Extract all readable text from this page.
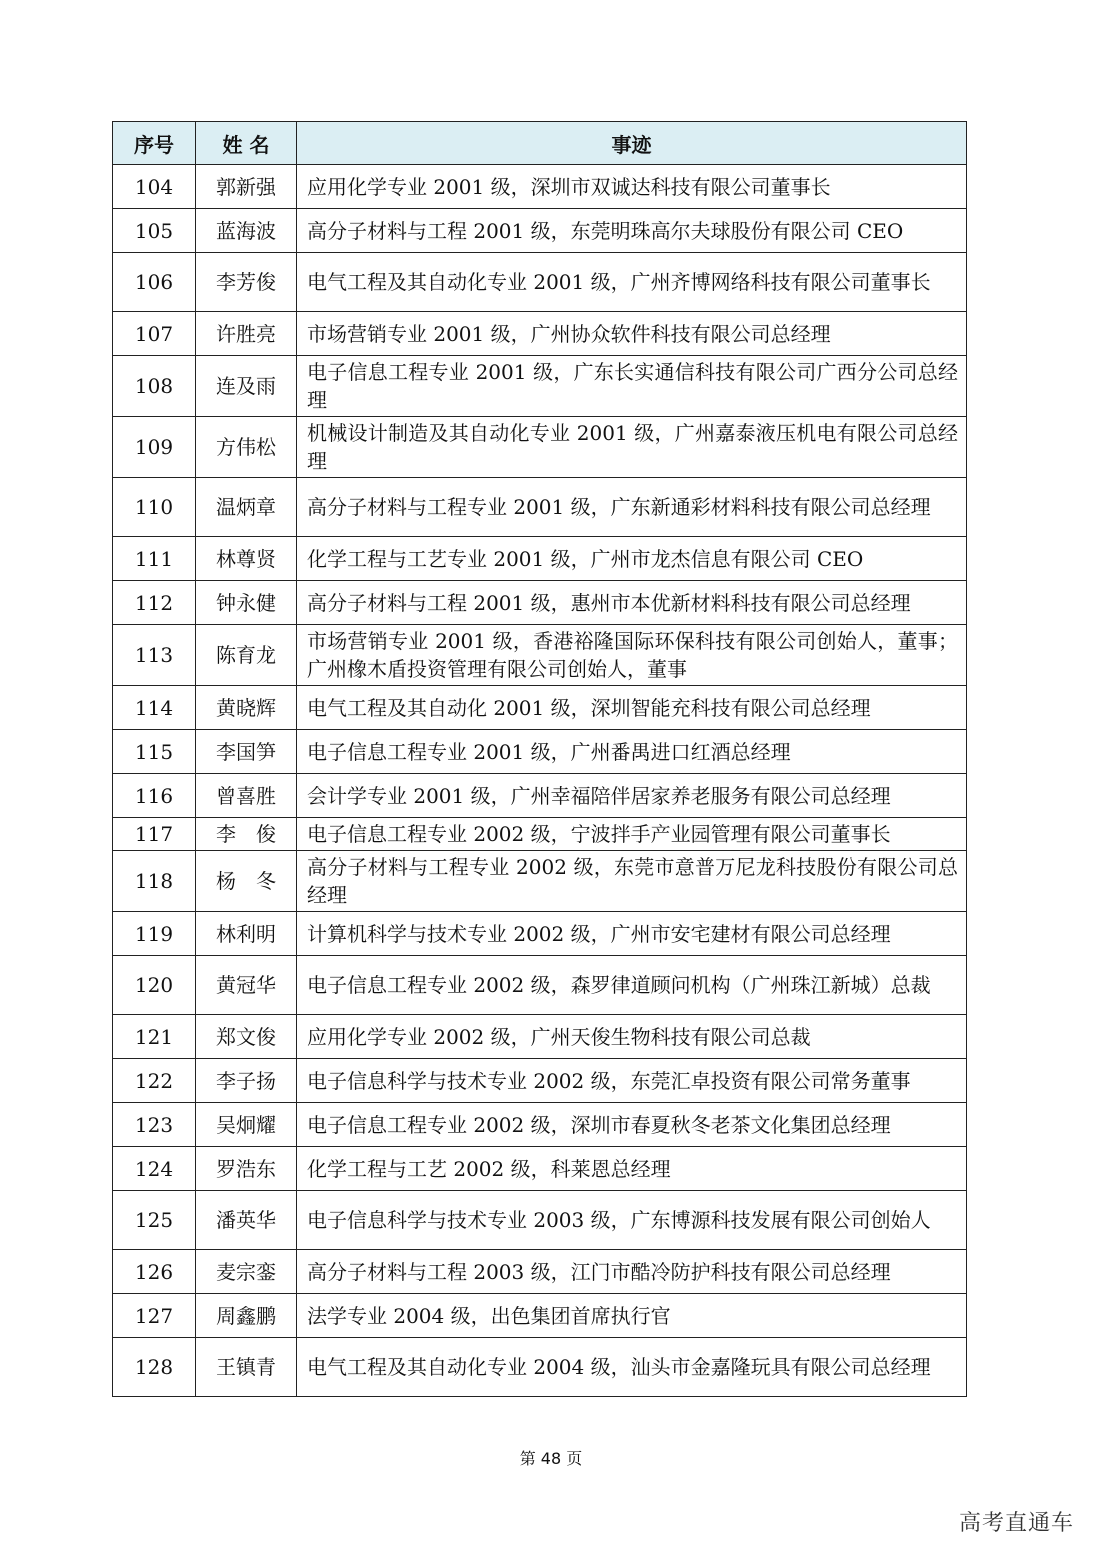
序号	姓 名	事迹
104	郭新强	应用化学专业 2001 级，深圳市双诚达科技有限公司董事长
105	蓝海波	高分子材料与工程 2001 级，东莞明珠高尔夫球股份有限公司 CEO
106	李芳俊	电气工程及其自动化专业 2001 级，广州齐博网络科技有限公司董事长
107	许胜亮	市场营销专业 2001 级，广州协众软件科技有限公司总经理
108	连及雨	电子信息工程专业 2001 级，广东长实通信科技有限公司广西分公司总经理
109	方伟松	机械设计制造及其自动化专业 2001 级，广州嘉泰液压机电有限公司总经理
110	温炳章	高分子材料与工程专业 2001 级，广东新通彩材料科技有限公司总经理
111	林尊贤	化学工程与工艺专业 2001 级，广州市龙杰信息有限公司 CEO
112	钟永健	高分子材料与工程 2001 级，惠州市本优新材料科技有限公司总经理
113	陈育龙	市场营销专业 2001 级，香港裕隆国际环保科技有限公司创始人，董事；广州橡木盾投资管理有限公司创始人，董事
114	黄晓辉	电气工程及其自动化 2001 级，深圳智能充科技有限公司总经理
115	李国笋	电子信息工程专业 2001 级，广州番禺进口红酒总经理
116	曾喜胜	会计学专业 2001 级，广州幸福陪伴居家养老服务有限公司总经理
117	李　俊	电子信息工程专业 2002 级，宁波拌手产业园管理有限公司董事长
118	杨　冬	高分子材料与工程专业 2002 级，东莞市意普万尼龙科技股份有限公司总经理
119	林利明	计算机科学与技术专业 2002 级，广州市安宅建材有限公司总经理
120	黄冠华	电子信息工程专业 2002 级，森罗律道顾问机构（广州珠江新城）总裁
121	郑文俊	应用化学专业 2002 级，广州天俊生物科技有限公司总裁
122	李子扬	电子信息科学与技术专业 2002 级，东莞汇卓投资有限公司常务董事
123	吴炯耀	电子信息工程专业 2002 级，深圳市春夏秋冬老茶文化集团总经理
124	罗浩东	化学工程与工艺 2002 级，科莱恩总经理
125	潘英华	电子信息科学与技术专业 2003 级，广东博源科技发展有限公司创始人
126	麦宗銮	高分子材料与工程 2003 级，江门市酷冷防护科技有限公司总经理
127	周鑫鹏	法学专业 2004 级，出色集团首席执行官
128	王镇青	电气工程及其自动化专业 2004 级，汕头市金嘉隆玩具有限公司总经理
第 48 页
高考直通车
